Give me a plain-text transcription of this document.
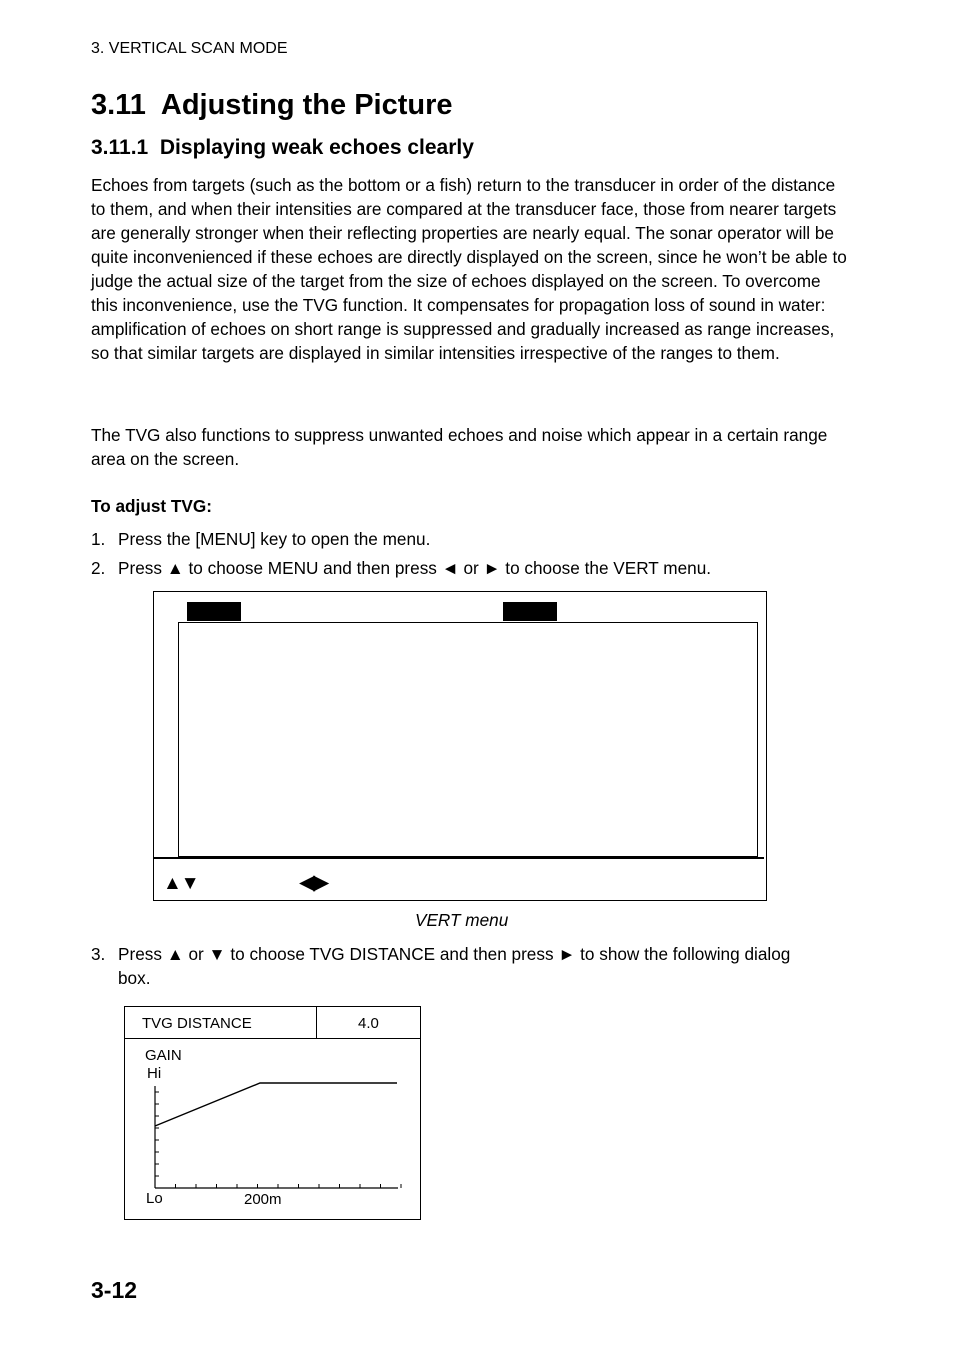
3. VERTICAL SCAN MODE
3.11  Adjusting the Picture
3.11.1  Displaying weak echoes clearly
Echoes from targets (such as the bottom or a fish) return to the transducer in order of the distance to them, and when their intensities are compared at the transducer face, those from nearer targets are generally stronger when their reflecting properties are nearly equal. The sonar operator will be quite inconvenienced if these echoes are directly displayed on the screen, since he won’t be able to judge the actual size of the target from the size of echoes displayed on the screen. To overcome this inconvenience, use the TVG function. It compensates for propagation loss of sound in water: amplification of echoes on short range is suppressed and gradually increased as range increases, so that similar targets are displayed in similar intensities irrespective of the ranges to them.
The TVG also functions to suppress unwanted echoes and noise which appear in a certain range area on the screen.
To adjust TVG:
1. Press the [MENU] key to open the menu.
2. Press ▲ to choose MENU and then press ◄ or ► to choose the VERT menu.
▲▼	◀▶
VERT menu
3. Press ▲ or ▼ to choose TVG DISTANCE and then press ► to show the following dialog box.
TVG DISTANCE	4.0
GAIN
Hi
Lo	200m
3-12
